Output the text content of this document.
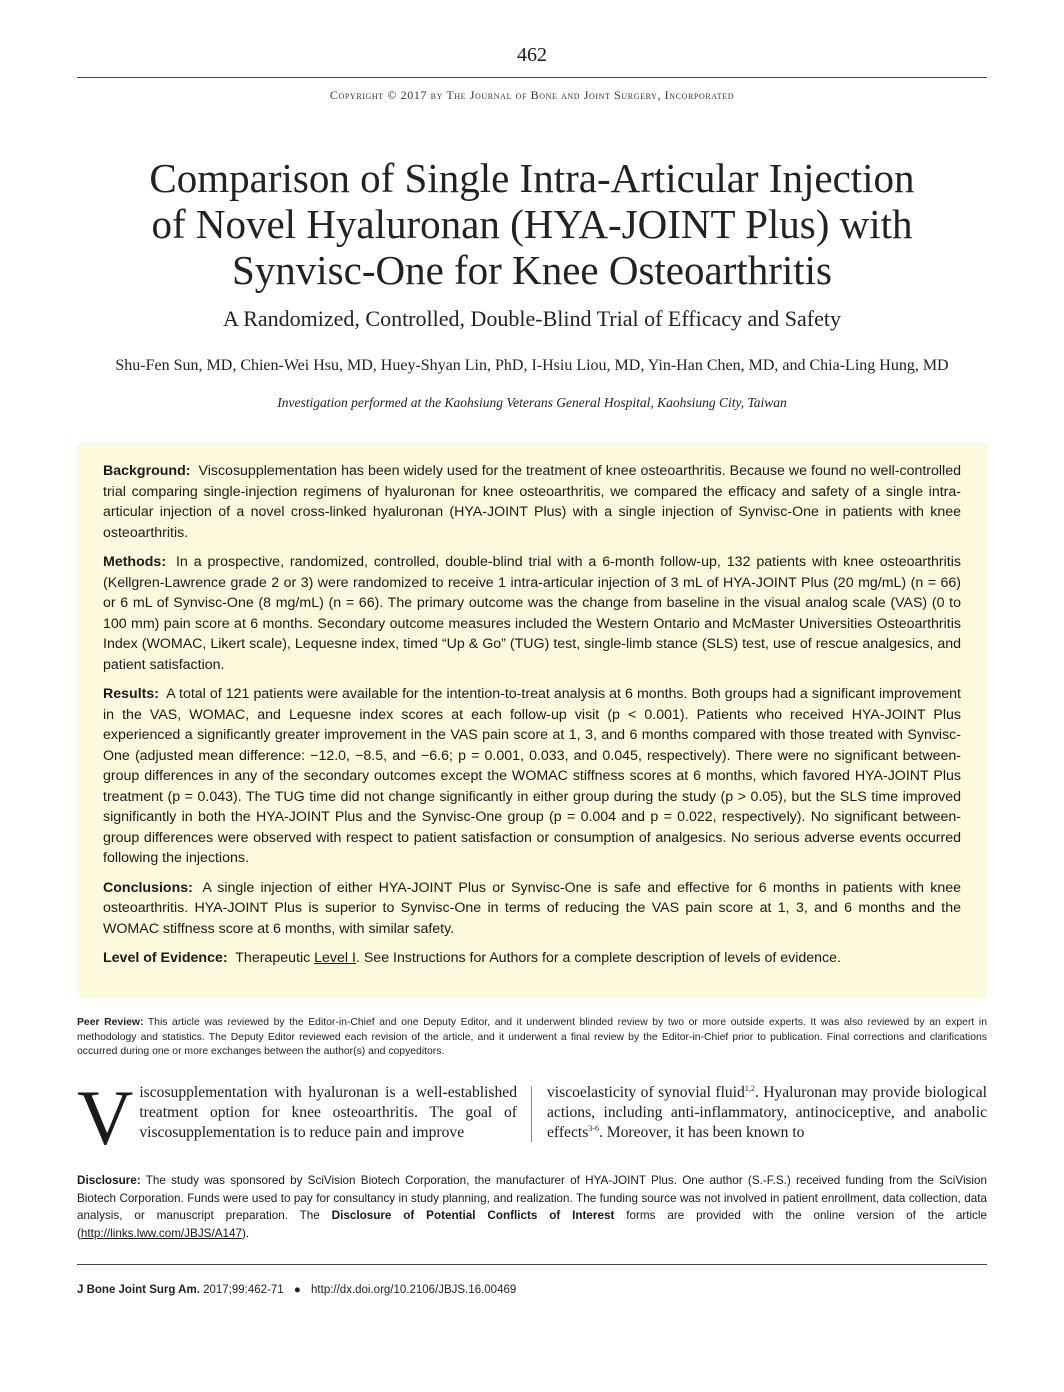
462
Copyright © 2017 by The Journal of Bone and Joint Surgery, Incorporated
Comparison of Single Intra-Articular Injection
of Novel Hyaluronan (HYA-JOINT Plus) with
Synvisc-One for Knee Osteoarthritis
A Randomized, Controlled, Double-Blind Trial of Efficacy and Safety
Shu-Fen Sun, MD, Chien-Wei Hsu, MD, Huey-Shyan Lin, PhD, I-Hsiu Liou, MD, Yin-Han Chen, MD, and Chia-Ling Hung, MD
Investigation performed at the Kaohsiung Veterans General Hospital, Kaohsiung City, Taiwan

Background: Viscosupplementation has been widely used for the treatment of knee osteoarthritis. Because we found no well-controlled trial comparing single-injection regimens of hyaluronan for knee osteoarthritis, we compared the efficacy and safety of a single intra-articular injection of a novel cross-linked hyaluronan (HYA-JOINT Plus) with a single injection of Synvisc-One in patients with knee osteoarthritis.

Methods: In a prospective, randomized, controlled, double-blind trial with a 6-month follow-up, 132 patients with knee osteoarthritis (Kellgren-Lawrence grade 2 or 3) were randomized to receive 1 intra-articular injection of 3 mL of HYA-JOINT Plus (20 mg/mL) (n = 66) or 6 mL of Synvisc-One (8 mg/mL) (n = 66). The primary outcome was the change from baseline in the visual analog scale (VAS) (0 to 100 mm) pain score at 6 months. Secondary outcome measures included the Western Ontario and McMaster Universities Osteoarthritis Index (WOMAC, Likert scale), Lequesne index, timed “Up & Go” (TUG) test, single-limb stance (SLS) test, use of rescue analgesics, and patient satisfaction.

Results: A total of 121 patients were available for the intention-to-treat analysis at 6 months. Both groups had a significant improvement in the VAS, WOMAC, and Lequesne index scores at each follow-up visit (p < 0.001). Patients who received HYA-JOINT Plus experienced a significantly greater improvement in the VAS pain score at 1, 3, and 6 months compared with those treated with Synvisc-One (adjusted mean difference: −12.0, −8.5, and −6.6; p = 0.001, 0.033, and 0.045, respectively). There were no significant between-group differences in any of the secondary outcomes except the WOMAC stiffness scores at 6 months, which favored HYA-JOINT Plus treatment (p = 0.043). The TUG time did not change significantly in either group during the study (p > 0.05), but the SLS time improved significantly in both the HYA-JOINT Plus and the Synvisc-One group (p = 0.004 and p = 0.022, respectively). No significant between-group differences were observed with respect to patient satisfaction or consumption of analgesics. No serious adverse events occurred following the injections.

Conclusions: A single injection of either HYA-JOINT Plus or Synvisc-One is safe and effective for 6 months in patients with knee osteoarthritis. HYA-JOINT Plus is superior to Synvisc-One in terms of reducing the VAS pain score at 1, 3, and 6 months and the WOMAC stiffness score at 6 months, with similar safety.

Level of Evidence: Therapeutic Level I. See Instructions for Authors for a complete description of levels of evidence.

Peer Review: This article was reviewed by the Editor-in-Chief and one Deputy Editor, and it underwent blinded review by two or more outside experts. It was also reviewed by an expert in methodology and statistics. The Deputy Editor reviewed each revision of the article, and it underwent a final review by the Editor-in-Chief prior to publication. Final corrections and clarifications occurred during one or more exchanges between the author(s) and copyeditors.

V iscosupplementation with hyaluronan is a well-established treatment option for knee osteoarthritis. The goal of viscosupplementation is to reduce pain and improve
viscoelasticity of synovial fluid$^{1,2}$. Hyaluronan may provide biological actions, including anti-inflammatory, antinociceptive, and anabolic effects$^{3-6}$. Moreover, it has been known to

Disclosure: The study was sponsored by SciVision Biotech Corporation, the manufacturer of HYA-JOINT Plus. One author (S.-F.S.) received funding from the SciVision Biotech Corporation. Funds were used to pay for consultancy in study planning, and realization. The funding source was not involved in patient enrollment, data collection, data analysis, or manuscript preparation. The Disclosure of Potential Conflicts of Interest forms are provided with the online version of the article (http://links.lww.com/JBJS/A147).

J Bone Joint Surg Am. 2017;99:462-71 ● http://dx.doi.org/10.2106/JBJS.16.00469
